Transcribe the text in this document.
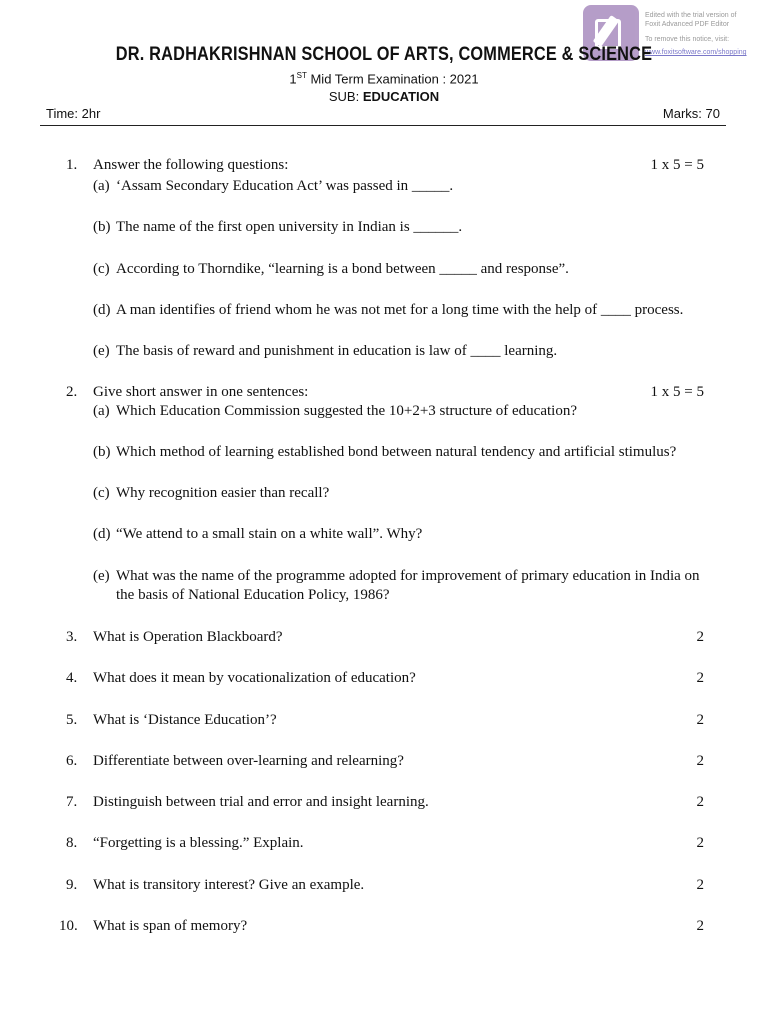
Edited with the trial version of
Foxit Advanced PDF Editor
To remove this notice, visit:
www.foxitsoftware.com/shopping
DR. RADHAKRISHNAN SCHOOL OF ARTS, COMMERCE & SCIENCE
1ST Mid Term Examination : 2021
SUB: EDUCATION
Time: 2hr	Marks: 70
1. Answer the following questions:	1 x 5 = 5
(a) ‘Assam Secondary Education Act’ was passed in _____.
(b) The name of the first open university in Indian is ______.
(c) According to Thorndike, “learning is a bond between _____ and response”.
(d) A man identifies of friend whom he was not met for a long time with the help of ____ process.
(e) The basis of reward and punishment in education is law of ____ learning.
2. Give short answer in one sentences:	1 x 5 = 5
(a) Which Education Commission suggested the 10+2+3 structure of education?
(b) Which method of learning established bond between natural tendency and artificial stimulus?
(c) Why recognition easier than recall?
(d) “We attend to a small stain on a white wall”. Why?
(e) What was the name of the programme adopted for improvement of primary education in India on the basis of National Education Policy, 1986?
3. What is Operation Blackboard?	2
4. What does it mean by vocationalization of education?	2
5. What is ‘Distance Education’?	2
6. Differentiate between over-learning and relearning?	2
7. Distinguish between trial and error and insight learning.	2
8. “Forgetting is a blessing.” Explain.	2
9. What is transitory interest? Give an example.	2
10. What is span of memory?	2
